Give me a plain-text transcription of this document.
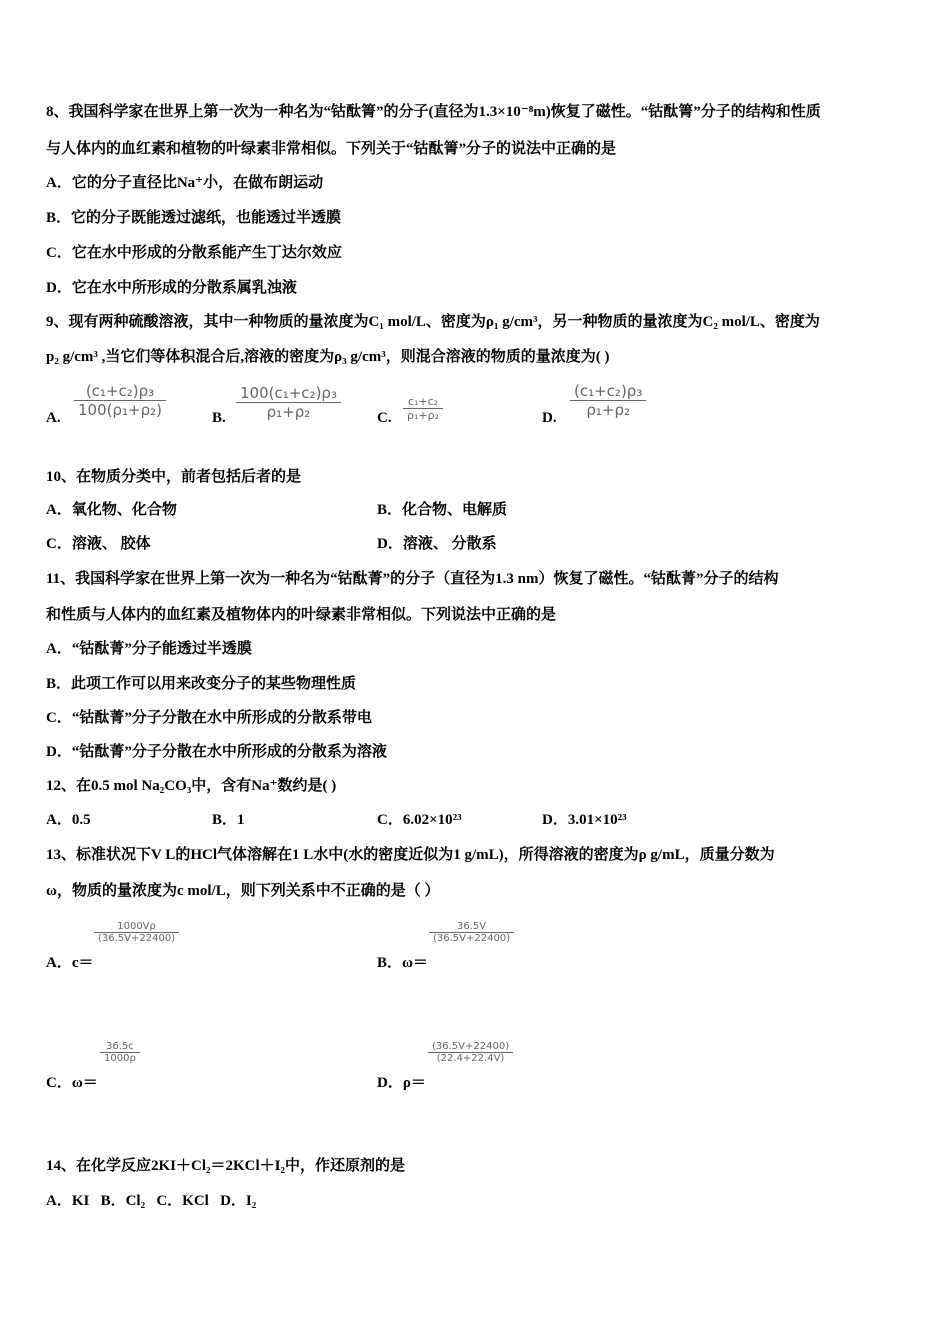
8、我国科学家在世界上第一次为一种名为“钴酞箐”的分子(直径为1.3×10⁻⁸m)恢复了磁性。“钴酞箐”分子的结构和性质
与人体内的血红素和植物的叶绿素非常相似。下列关于“钴酞箐”分子的说法中正确的是
A．它的分子直径比Na⁺小，在做布朗运动
B．它的分子既能透过滤纸，也能透过半透膜
C．它在水中形成的分散系能产生丁达尔效应
D．它在水中所形成的分散系属乳浊液
9、现有两种硫酸溶液，其中一种物质的量浓度为C₁ mol/L、密度为ρ₁ g/cm³，另一种物质的量浓度为C₂ mol/L、密度为
p₂ g/cm³ ,当它们等体积混合后,溶液的密度为ρ₃ g/cm³，则混合溶液的物质的量浓度为( )
A.
(c₁+c₂)ρ₃
100(ρ₁+ρ₂)	B.
100(c₁+c₂)ρ₃
ρ₁+ρ₂	C.
c₁+c₂
ρ₁+ρ₂	D.
(c₁+c₂)ρ₃
ρ₁+ρ₂
10、在物质分类中，前者包括后者的是
A．氧化物、化合物	B．化合物、电解质
C．溶液、 胶体	D．溶液、 分散系
11、我国科学家在世界上第一次为一种名为“钴酞菁”的分子（直径为1.3 nm）恢复了磁性。“钴酞菁”分子的结构
和性质与人体内的血红素及植物体内的叶绿素非常相似。下列说法中正确的是
A．“钴酞菁”分子能透过半透膜
B．此项工作可以用来改变分子的某些物理性质
C．“钴酞菁”分子分散在水中所形成的分散系带电
D．“钴酞菁”分子分散在水中所形成的分散系为溶液
12、在0.5 mol Na₂CO₃中，含有Na⁺数约是( )
A．0.5	B．1	C．6.02×10²³	D．3.01×10²³
13、标准状况下V L的HCl气体溶解在1 L水中(水的密度近似为1 g/mL)，所得溶液的密度为ρ g/mL，质量分数为
ω，物质的量浓度为c mol/L，则下列关系中不正确的是（ ）
A．c＝
1000Vρ
(36.5V+22400)
B．ω＝
36.5V
(36.5V+22400)
C．ω＝
36.5c
1000ρ
D．ρ＝
(36.5V+22400)
(22.4+22.4V)
14、在化学反应2KI＋Cl₂＝2KCl＋I₂中，作还原剂的是
A．KI   B．Cl₂   C．KCl   D．I₂
